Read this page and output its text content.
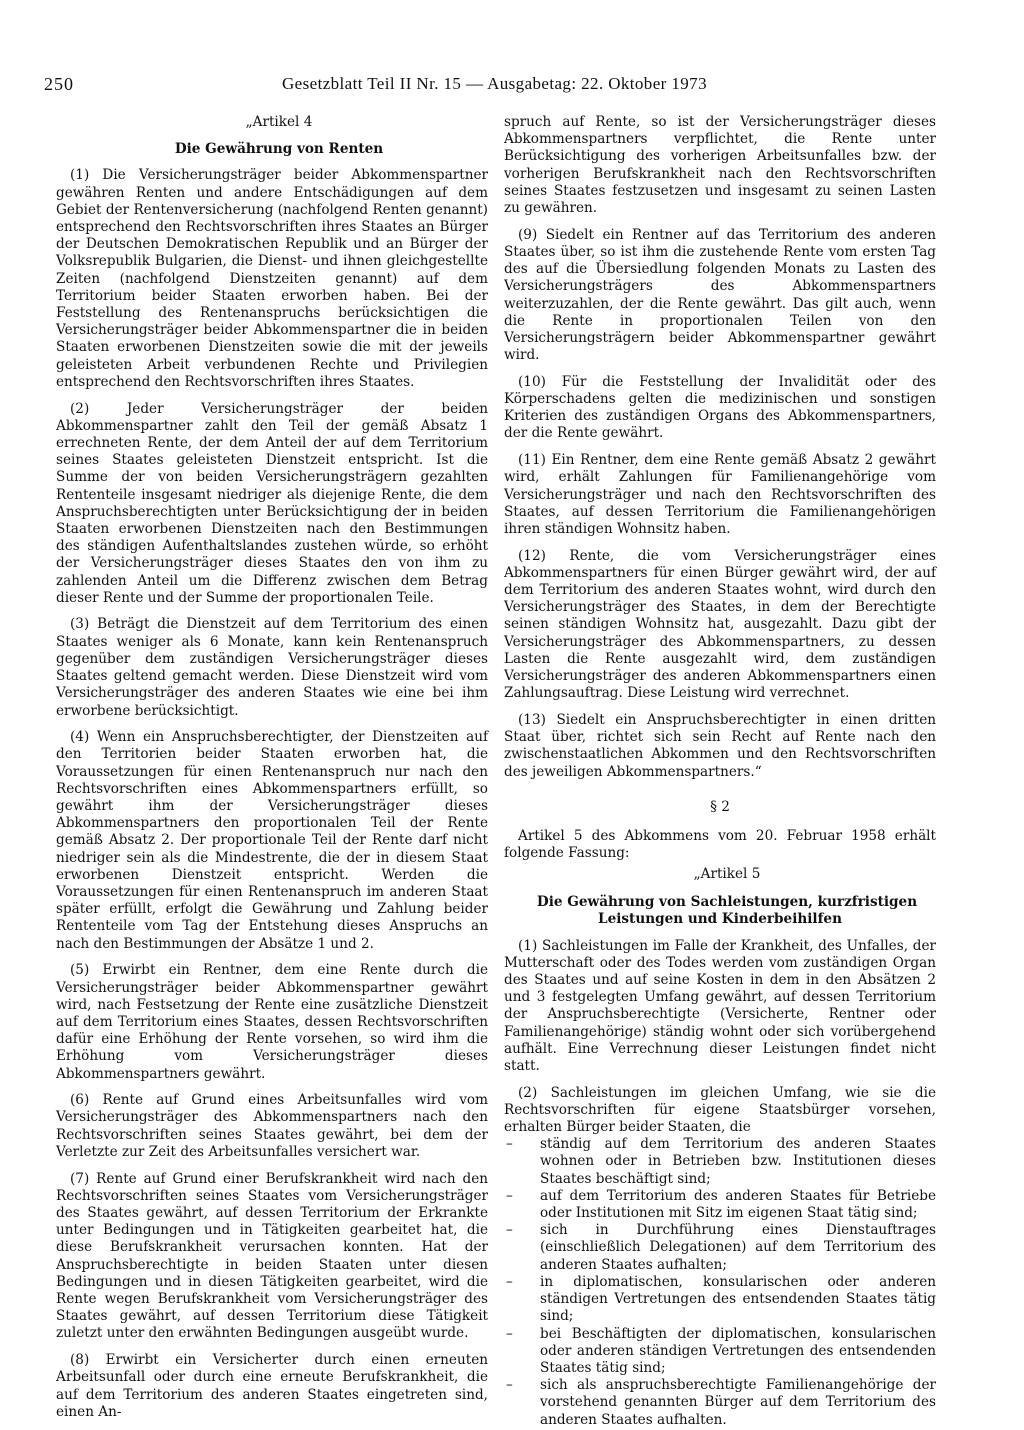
250	Gesetzblatt Teil II Nr. 15 — Ausgabetag: 22. Oktober 1973

„Artikel 4

Die Gewährung von Renten

(1) Die Versicherungsträger beider Abkommenspartner gewähren Renten und andere Entschädigungen auf dem Gebiet der Rentenversicherung (nachfolgend Renten genannt) entsprechend den Rechtsvorschriften ihres Staates an Bürger der Deutschen Demokratischen Republik und an Bürger der Volksrepublik Bulgarien, die Dienst- und ihnen gleichgestellte Zeiten (nachfolgend Dienstzeiten genannt) auf dem Territorium beider Staaten erworben haben. Bei der Feststellung des Rentenanspruchs berücksichtigen die Versicherungsträger beider Abkommenspartner die in beiden Staaten erworbenen Dienstzeiten sowie die mit der jeweils geleisteten Arbeit verbundenen Rechte und Privilegien entsprechend den Rechtsvorschriften ihres Staates.

(2) Jeder Versicherungsträger der beiden Abkommenspartner zahlt den Teil der gemäß Absatz 1 errechneten Rente, der dem Anteil der auf dem Territorium seines Staates geleisteten Dienstzeit entspricht. Ist die Summe der von beiden Versicherungsträgern gezahlten Rententeile insgesamt niedriger als diejenige Rente, die dem Anspruchsberechtigten unter Berücksichtigung der in beiden Staaten erworbenen Dienstzeiten nach den Bestimmungen des ständigen Aufenthaltslandes zustehen würde, so erhöht der Versicherungsträger dieses Staates den von ihm zu zahlenden Anteil um die Differenz zwischen dem Betrag dieser Rente und der Summe der proportionalen Teile.

(3) Beträgt die Dienstzeit auf dem Territorium des einen Staates weniger als 6 Monate, kann kein Rentenanspruch gegenüber dem zuständigen Versicherungsträger dieses Staates geltend gemacht werden. Diese Dienstzeit wird vom Versicherungsträger des anderen Staates wie eine bei ihm erworbene berücksichtigt.

(4) Wenn ein Anspruchsberechtigter, der Dienstzeiten auf den Territorien beider Staaten erworben hat, die Voraussetzungen für einen Rentenanspruch nur nach den Rechtsvorschriften eines Abkommenspartners erfüllt, so gewährt ihm der Versicherungsträger dieses Abkommenspartners den proportionalen Teil der Rente gemäß Absatz 2. Der proportionale Teil der Rente darf nicht niedriger sein als die Mindestrente, die der in diesem Staat erworbenen Dienstzeit entspricht. Werden die Voraussetzungen für einen Rentenanspruch im anderen Staat später erfüllt, erfolgt die Gewährung und Zahlung beider Rententeile vom Tag der Entstehung dieses Anspruchs an nach den Bestimmungen der Absätze 1 und 2.

(5) Erwirbt ein Rentner, dem eine Rente durch die Versicherungsträger beider Abkommenspartner gewährt wird, nach Festsetzung der Rente eine zusätzliche Dienstzeit auf dem Territorium eines Staates, dessen Rechtsvorschriften dafür eine Erhöhung der Rente vorsehen, so wird ihm die Erhöhung vom Versicherungsträger dieses Abkommenspartners gewährt.

(6) Rente auf Grund eines Arbeitsunfalles wird vom Versicherungsträger des Abkommenspartners nach den Rechtsvorschriften seines Staates gewährt, bei dem der Verletzte zur Zeit des Arbeitsunfalles versichert war.

(7) Rente auf Grund einer Berufskrankheit wird nach den Rechtsvorschriften seines Staates vom Versicherungsträger des Staates gewährt, auf dessen Territorium der Erkrankte unter Bedingungen und in Tätigkeiten gearbeitet hat, die diese Berufskrankheit verursachen konnten. Hat der Anspruchsberechtigte in beiden Staaten unter diesen Bedingungen und in diesen Tätigkeiten gearbeitet, wird die Rente wegen Berufskrankheit vom Versicherungsträger des Staates gewährt, auf dessen Territorium diese Tätigkeit zuletzt unter den erwähnten Bedingungen ausgeübt wurde.

(8) Erwirbt ein Versicherter durch einen erneuten Arbeitsunfall oder durch eine erneute Berufskrankheit, die auf dem Territorium des anderen Staates eingetreten sind, einen An-

spruch auf Rente, so ist der Versicherungsträger dieses Abkommenspartners verpflichtet, die Rente unter Berücksichtigung des vorherigen Arbeitsunfalles bzw. der vorherigen Berufskrankheit nach den Rechtsvorschriften seines Staates festzusetzen und insgesamt zu seinen Lasten zu gewähren.

(9) Siedelt ein Rentner auf das Territorium des anderen Staates über, so ist ihm die zustehende Rente vom ersten Tag des auf die Übersiedlung folgenden Monats zu Lasten des Versicherungsträgers des Abkommenspartners weiterzuzahlen, der die Rente gewährt. Das gilt auch, wenn die Rente in proportionalen Teilen von den Versicherungsträgern beider Abkommenspartner gewährt wird.

(10) Für die Feststellung der Invalidität oder des Körperschadens gelten die medizinischen und sonstigen Kriterien des zuständigen Organs des Abkommenspartners, der die Rente gewährt.

(11) Ein Rentner, dem eine Rente gemäß Absatz 2 gewährt wird, erhält Zahlungen für Familienangehörige vom Versicherungsträger und nach den Rechtsvorschriften des Staates, auf dessen Territorium die Familienangehörigen ihren ständigen Wohnsitz haben.

(12) Rente, die vom Versicherungsträger eines Abkommenspartners für einen Bürger gewährt wird, der auf dem Territorium des anderen Staates wohnt, wird durch den Versicherungsträger des Staates, in dem der Berechtigte seinen ständigen Wohnsitz hat, ausgezahlt. Dazu gibt der Versicherungsträger des Abkommenspartners, zu dessen Lasten die Rente ausgezahlt wird, dem zuständigen Versicherungsträger des anderen Abkommenspartners einen Zahlungsauftrag. Diese Leistung wird verrechnet.

(13) Siedelt ein Anspruchsberechtigter in einen dritten Staat über, richtet sich sein Recht auf Rente nach den zwischenstaatlichen Abkommen und den Rechtsvorschriften des jeweiligen Abkommenspartners.“

§ 2

Artikel 5 des Abkommens vom 20. Februar 1958 erhält folgende Fassung:

„Artikel 5

Die Gewährung von Sachleistungen, kurzfristigen Leistungen und Kinderbeihilfen

(1) Sachleistungen im Falle der Krankheit, des Unfalles, der Mutterschaft oder des Todes werden vom zuständigen Organ des Staates und auf seine Kosten in dem in den Absätzen 2 und 3 festgelegten Umfang gewährt, auf dessen Territorium der Anspruchsberechtigte (Versicherte, Rentner oder Familienangehörige) ständig wohnt oder sich vorübergehend aufhält. Eine Verrechnung dieser Leistungen findet nicht statt.

(2) Sachleistungen im gleichen Umfang, wie sie die Rechtsvorschriften für eigene Staatsbürger vorsehen, erhalten Bürger beider Staaten, die

– ständig auf dem Territorium des anderen Staates wohnen oder in Betrieben bzw. Institutionen dieses Staates beschäftigt sind;
– auf dem Territorium des anderen Staates für Betriebe oder Institutionen mit Sitz im eigenen Staat tätig sind;
– sich in Durchführung eines Dienstauftrages (einschließlich Delegationen) auf dem Territorium des anderen Staates aufhalten;
– in diplomatischen, konsularischen oder anderen ständigen Vertretungen des entsendenden Staates tätig sind;
– bei Beschäftigten der diplomatischen, konsularischen oder anderen ständigen Vertretungen des entsendenden Staates tätig sind;
– sich als anspruchsberechtigte Familienangehörige der vorstehend genannten Bürger auf dem Territorium des anderen Staates aufhalten.
